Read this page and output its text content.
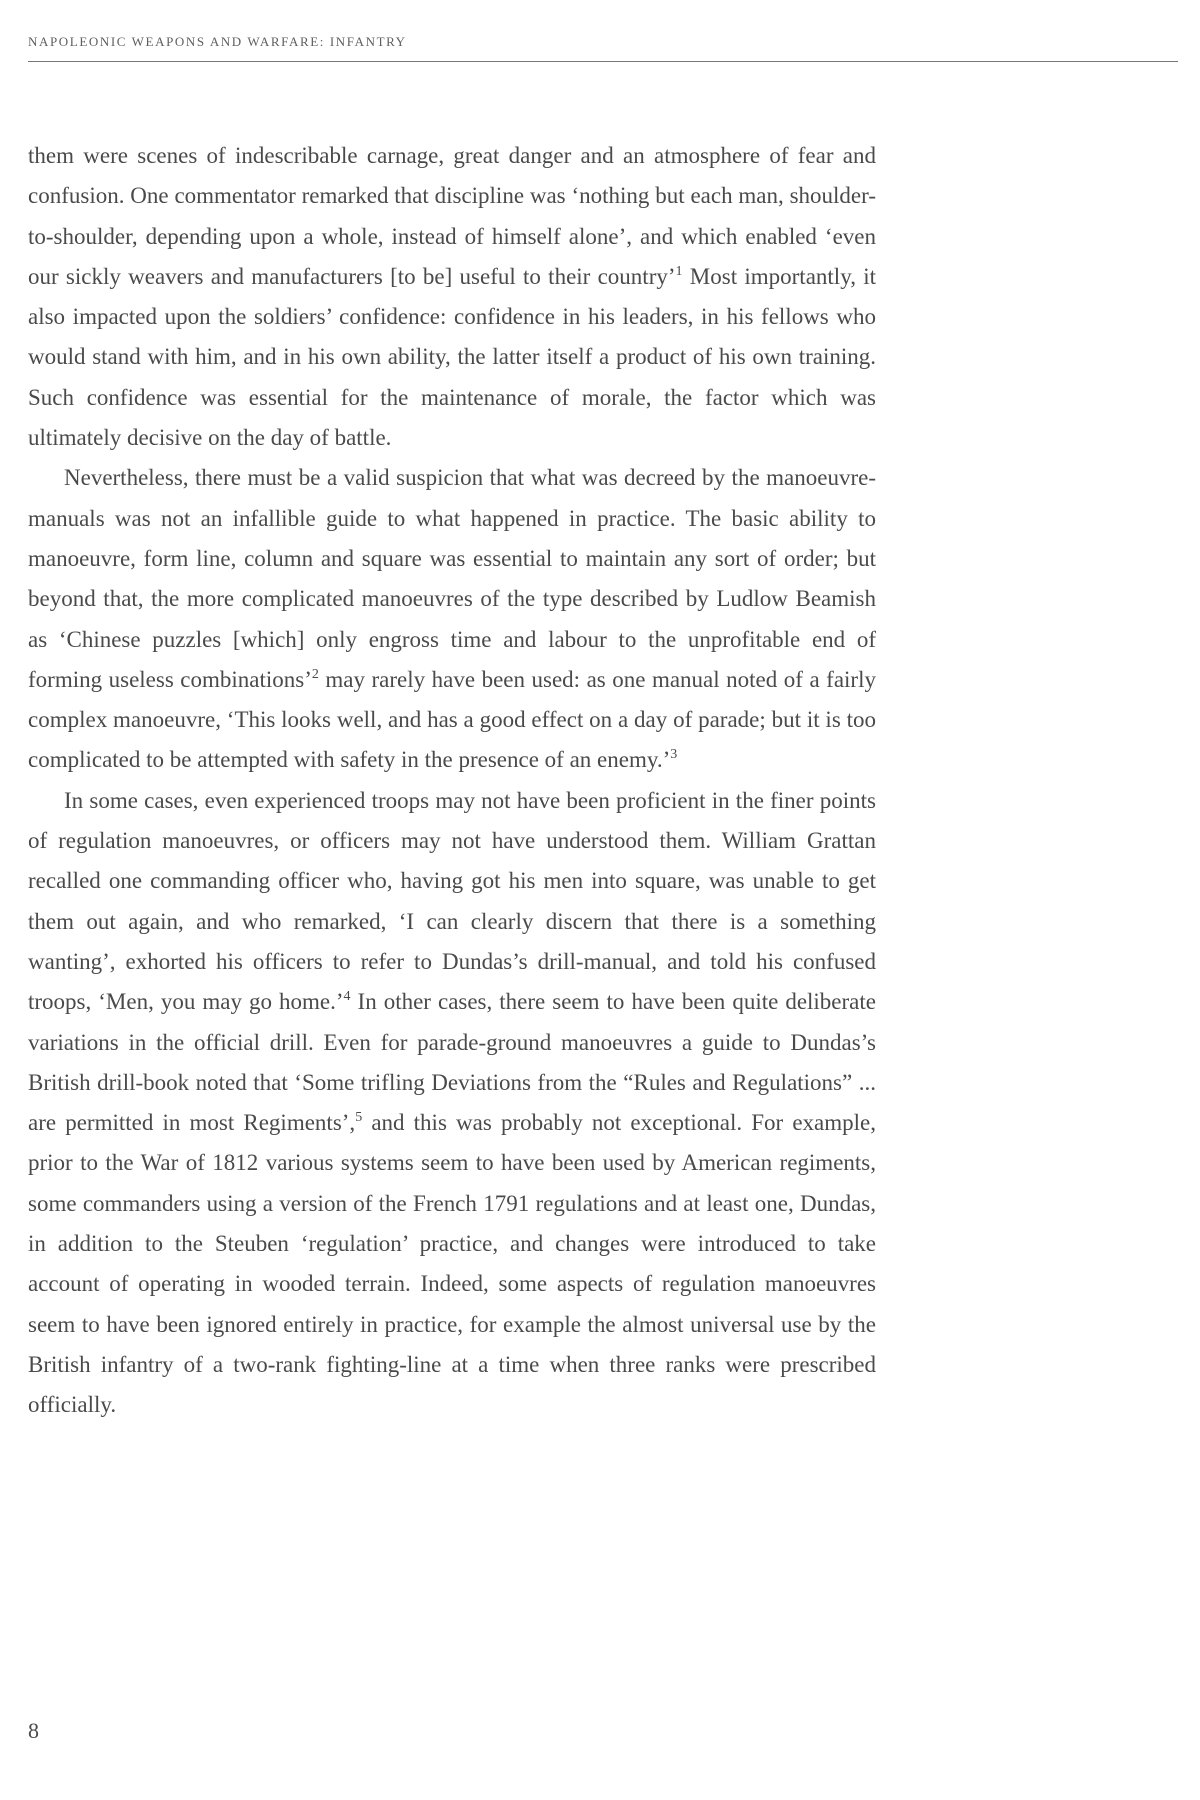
NAPOLEONIC WEAPONS AND WARFARE: INFANTRY

them were scenes of indescribable carnage, great danger and an atmosphere of fear and confusion. One commentator remarked that discipline was ‘nothing but each man, shoulder-to-shoulder, depending upon a whole, instead of himself alone’, and which enabled ‘even our sickly weavers and manufacturers [to be] useful to their country’$^1$ Most importantly, it also impacted upon the soldiers’ confidence: confidence in his leaders, in his fellows who would stand with him, and in his own ability, the latter itself a product of his own training. Such confidence was essential for the maintenance of morale, the factor which was ultimately decisive on the day of battle.

Nevertheless, there must be a valid suspicion that what was decreed by the manoeuvre-manuals was not an infallible guide to what happened in practice. The basic ability to manoeuvre, form line, column and square was essential to maintain any sort of order; but beyond that, the more complicated manoeuvres of the type described by Ludlow Beamish as ‘Chinese puzzles [which] only engross time and labour to the unprofitable end of forming useless combinations’$^2$ may rarely have been used: as one manual noted of a fairly complex manoeuvre, ‘This looks well, and has a good effect on a day of parade; but it is too complicated to be attempted with safety in the presence of an enemy.’$^3$

In some cases, even experienced troops may not have been proficient in the finer points of regulation manoeuvres, or officers may not have understood them. William Grattan recalled one commanding officer who, having got his men into square, was unable to get them out again, and who remarked, ‘I can clearly discern that there is a something wanting’, exhorted his officers to refer to Dundas’s drill-manual, and told his confused troops, ‘Men, you may go home.’$^4$ In other cases, there seem to have been quite deliberate variations in the official drill. Even for parade-ground manoeuvres a guide to Dundas’s British drill-book noted that ‘Some trifling Deviations from the “Rules and Regulations” ... are permitted in most Regiments’,$^5$ and this was probably not exceptional. For example, prior to the War of 1812 various systems seem to have been used by American regiments, some commanders using a version of the French 1791 regulations and at least one, Dundas, in addition to the Steuben ‘regulation’ practice, and changes were introduced to take account of operating in wooded terrain. Indeed, some aspects of regulation manoeuvres seem to have been ignored entirely in practice, for example the almost universal use by the British infantry of a two-rank fighting-line at a time when three ranks were prescribed officially.

8
